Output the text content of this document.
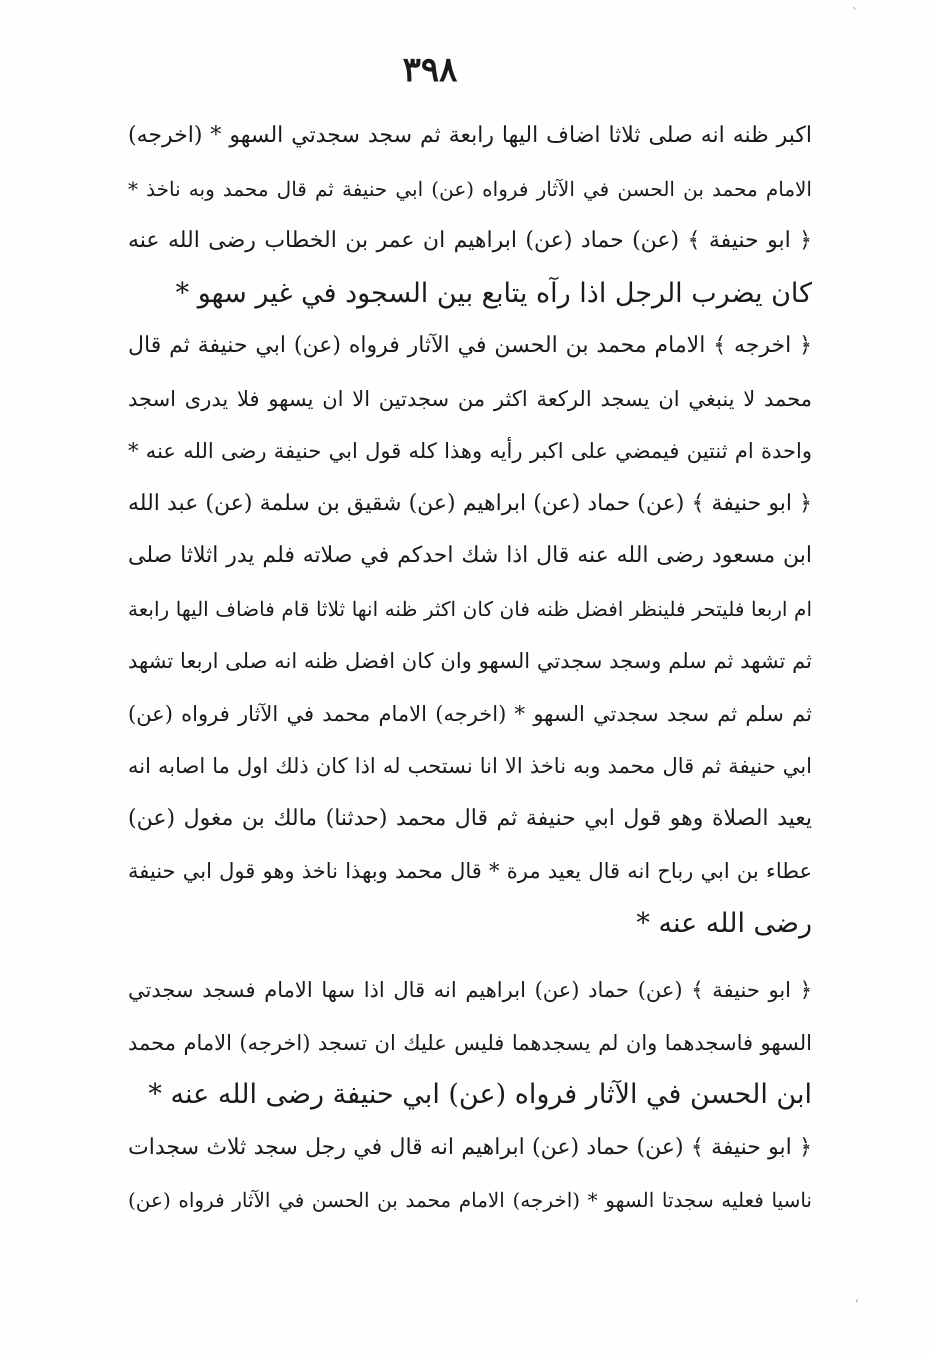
`
٣٩٨
اكبر ظنه انه صلی ثلاثا اضاف اليها رابعة ثم سجد سجدتي السهو * (اخرجه)
الامام محمد بن الحسن في الآثار فرواه (عن) ابي حنيفة ثم قال محمد وبه ناخذ *
﴿ ابو حنيفة ﴾ (عن) حماد (عن) ابراهيم ان عمر بن الخطاب رضی الله عنه
كان يضرب الرجل اذا رآه يتابع بين السجود في غير سهو *
﴿ اخرجه ﴾ الامام محمد بن الحسن في الآثار فرواه (عن) ابي حنيفة ثم قال
محمد لا ينبغي ان يسجد الركعة اكثر من سجدتين الا ان يسهو فلا يدری اسجد
واحدة ام ثنتين فيمضي على اكبر رأيه وهذا كله قول ابي حنيفة رضی الله عنه *
﴿ ابو حنيفة ﴾ (عن) حماد (عن) ابراهيم (عن) شقيق بن سلمة (عن) عبد الله
ابن مسعود رضی الله عنه قال اذا شك احدكم في صلاته فلم يدر اثلاثا صلی
ام اربعا فليتحر فلينظر افضل ظنه فان كان اكثر ظنه انها ثلاثا قام فاضاف اليها رابعة
ثم تشهد ثم سلم وسجد سجدتي السهو وان كان افضل ظنه انه صلى اربعا تشهد
ثم سلم ثم سجد سجدتي السهو * (اخرجه) الامام محمد في الآثار فرواه (عن)
ابي حنيفة ثم قال محمد وبه ناخذ الا انا نستحب له اذا كان ذلك اول ما اصابه انه
يعيد الصلاة وهو قول ابي حنيفة ثم قال محمد (حدثنا) مالك بن مغول (عن)
عطاء بن ابي رباح انه قال يعيد مرة * قال محمد وبهذا ناخذ وهو قول ابي حنيفة
رضی الله عنه *
﴿ ابو حنيفة ﴾ (عن) حماد (عن) ابراهيم انه قال اذا سها الامام فسجد سجدتي
السهو فاسجدهما وان لم يسجدهما فليس عليك ان تسجد (اخرجه) الامام محمد
ابن الحسن في الآثار فرواه (عن) ابي حنيفة رضی الله عنه *
﴿ ابو حنيفة ﴾ (عن) حماد (عن) ابراهيم انه قال في رجل سجد ثلاث سجدات
ناسيا فعليه سجدتا السهو * (اخرجه) الامام محمد بن الحسن في الآثار فرواه (عن)
,
